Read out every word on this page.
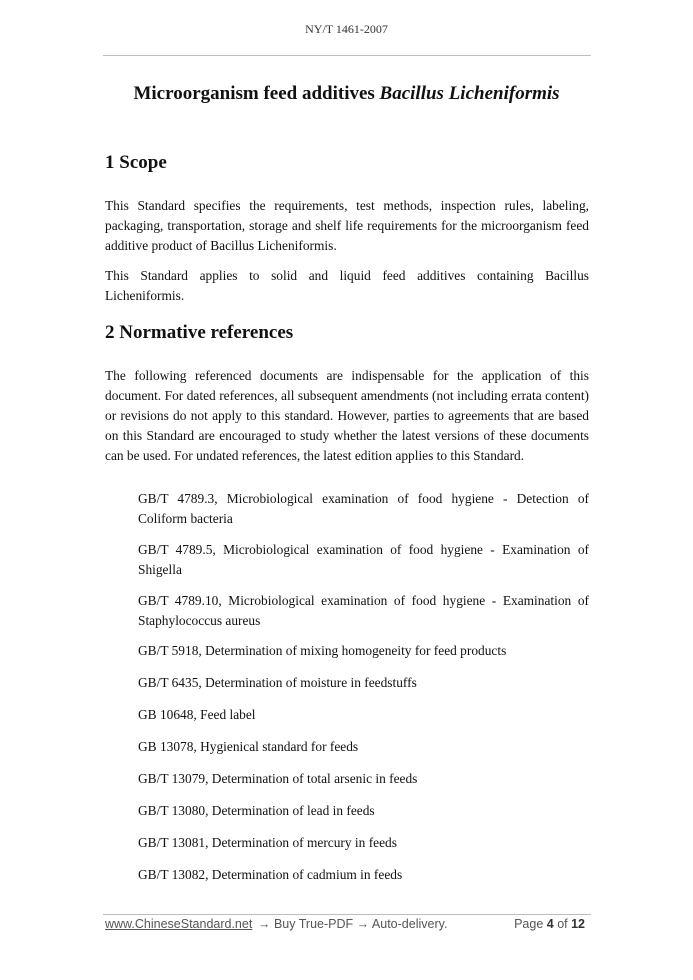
NY/T 1461-2007
Microorganism feed additives Bacillus Licheniformis
1 Scope
This Standard specifies the requirements, test methods, inspection rules, labeling, packaging, transportation, storage and shelf life requirements for the microorganism feed additive product of Bacillus Licheniformis.
This Standard applies to solid and liquid feed additives containing Bacillus Licheniformis.
2 Normative references
The following referenced documents are indispensable for the application of this document. For dated references, all subsequent amendments (not including errata content) or revisions do not apply to this standard. However, parties to agreements that are based on this Standard are encouraged to study whether the latest versions of these documents can be used. For undated references, the latest edition applies to this Standard.
GB/T 4789.3, Microbiological examination of food hygiene - Detection of Coliform bacteria
GB/T 4789.5, Microbiological examination of food hygiene - Examination of Shigella
GB/T 4789.10, Microbiological examination of food hygiene - Examination of Staphylococcus aureus
GB/T 5918, Determination of mixing homogeneity for feed products
GB/T 6435, Determination of moisture in feedstuffs
GB 10648, Feed label
GB 13078, Hygienical standard for feeds
GB/T 13079, Determination of total arsenic in feeds
GB/T 13080, Determination of lead in feeds
GB/T 13081, Determination of mercury in feeds
GB/T 13082, Determination of cadmium in feeds
www.ChineseStandard.net → Buy True-PDF → Auto-delivery.	Page 4 of 12
